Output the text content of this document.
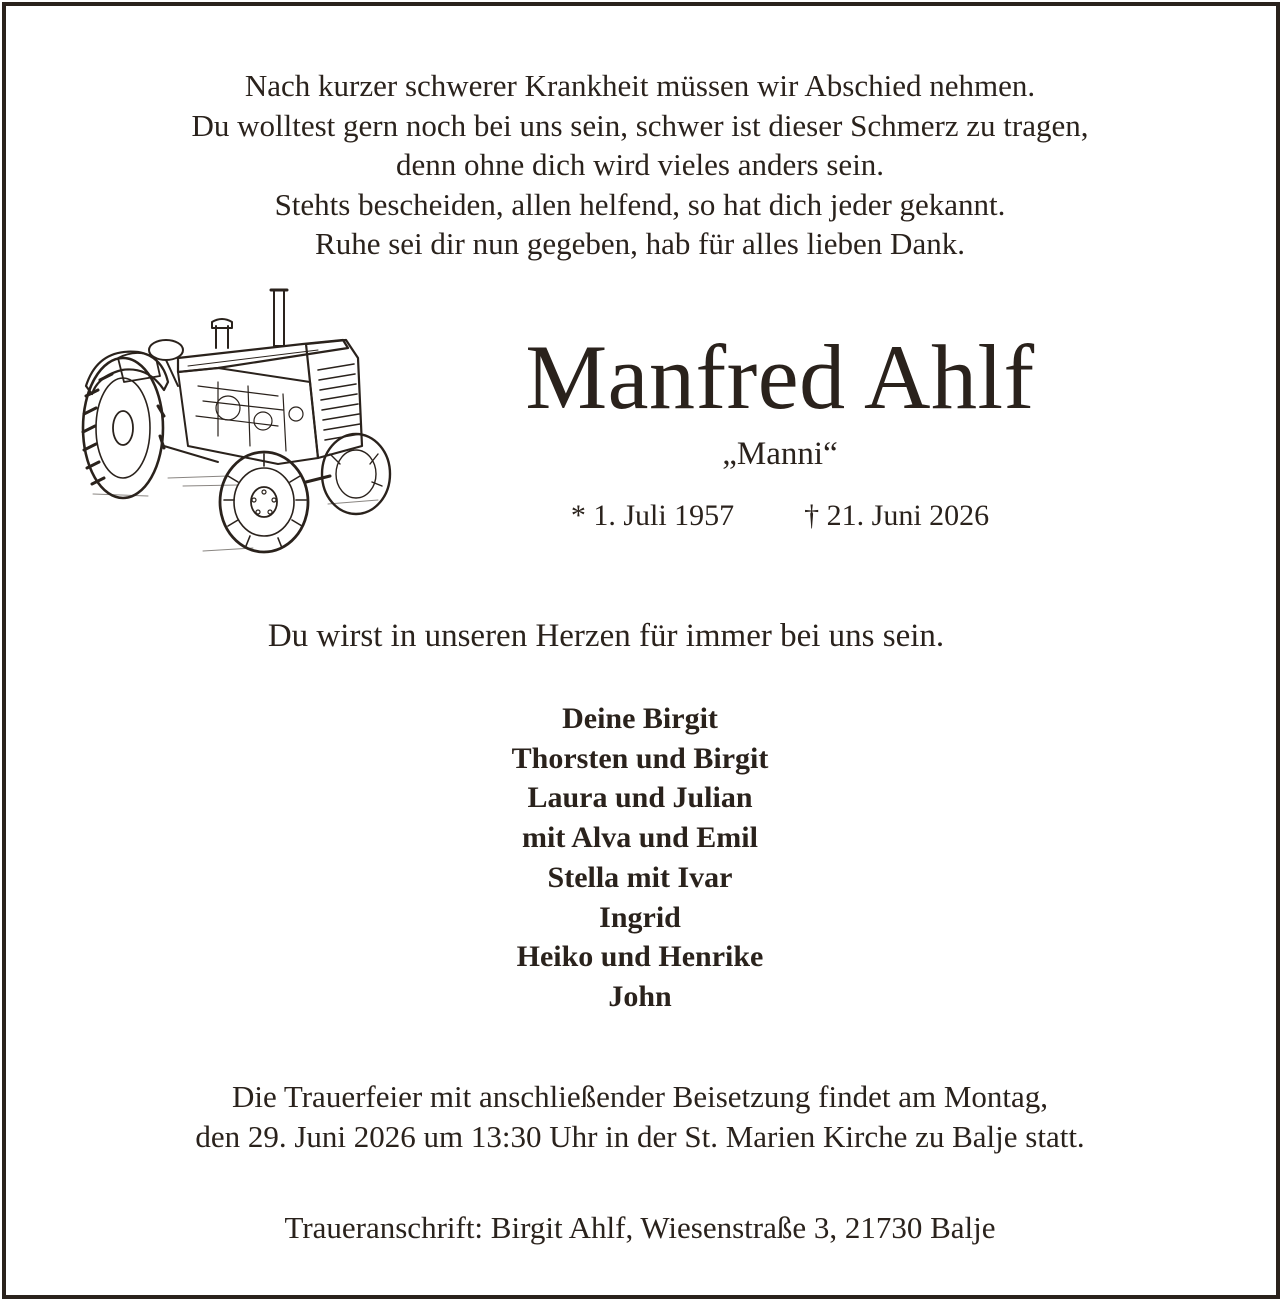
Nach kurzer schwerer Krankheit müssen wir Abschied nehmen.
Du wolltest gern noch bei uns sein, schwer ist dieser Schmerz zu tragen,
denn ohne dich wird vieles anders sein.
Stehts bescheiden, allen helfend, so hat dich jeder gekannt.
Ruhe sei dir nun gegeben, hab für alles lieben Dank.
Manfred Ahlf
„Manni“
* 1. Juli 1957 † 21. Juni 2026
Du wirst in unseren Herzen für immer bei uns sein.
Deine Birgit
Thorsten und Birgit
Laura und Julian
mit Alva und Emil
Stella mit Ivar
Ingrid
Heiko und Henrike
John
Die Trauerfeier mit anschließender Beisetzung findet am Montag,
den 29. Juni 2026 um 13:30 Uhr in der St. Marien Kirche zu Balje statt.
Traueranschrift: Birgit Ahlf, Wiesenstraße 3, 21730 Balje
